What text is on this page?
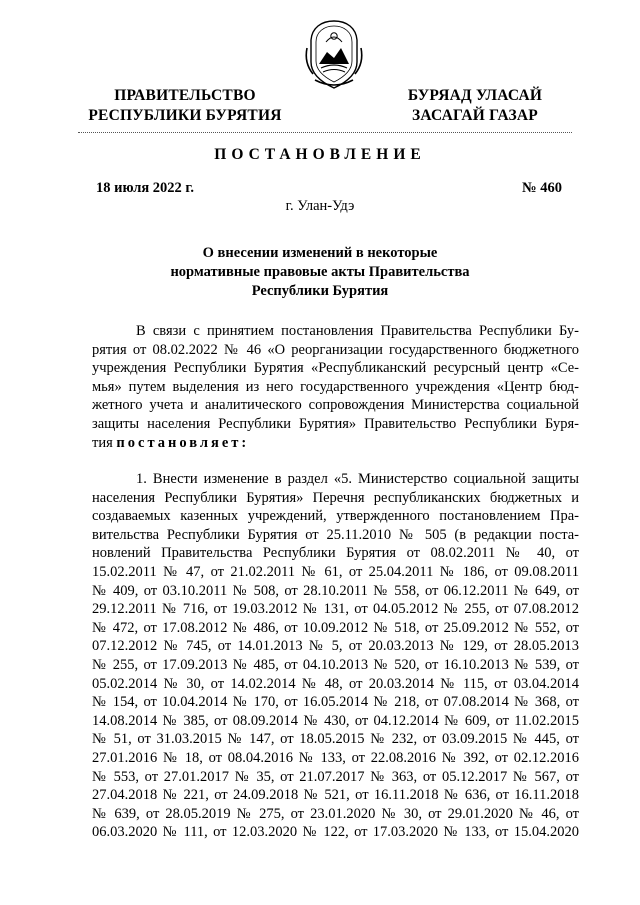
ПРАВИТЕЛЬСТВО
РЕСПУБЛИКИ БУРЯТИЯ
БУРЯАД УЛАСАЙ
ЗАСАГАЙ ГАЗАР
ПОСТАНОВЛЕНИЕ
18 июля 2022 г.	№ 460
г. Улан-Удэ
О внесении изменений в некоторые
нормативные правовые акты Правительства
Республики Бурятия
В связи с принятием постановления Правительства Республики Бу-
рятия от 08.02.2022 № 46 «О реорганизации государственного бюджетного
учреждения Республики Бурятия «Республиканский ресурсный центр «Се-
мья» путем выделения из него государственного учреждения «Центр бюд-
жетного учета и аналитического сопровождения Министерства социальной
защиты населения Республики Бурятия» Правительство Республики Буря-
тия постановляет:
1. Внести изменение в раздел «5. Министерство социальной защиты
населения Республики Бурятия» Перечня республиканских бюджетных и
создаваемых казенных учреждений, утвержденного постановлением Пра-
вительства Республики Бурятия от 25.11.2010 № 505 (в редакции поста-
новлений Правительства Республики Бурятия от 08.02.2011 № 40, от
15.02.2011 № 47, от 21.02.2011 № 61, от 25.04.2011 № 186, от 09.08.2011
№ 409, от 03.10.2011 № 508, от 28.10.2011 № 558, от 06.12.2011 № 649, от
29.12.2011 № 716, от 19.03.2012 № 131, от 04.05.2012 № 255, от 07.08.2012
№ 472, от 17.08.2012 № 486, от 10.09.2012 № 518, от 25.09.2012 № 552, от
07.12.2012 № 745, от 14.01.2013 № 5, от 20.03.2013 № 129, от 28.05.2013
№ 255, от 17.09.2013 № 485, от 04.10.2013 № 520, от 16.10.2013 № 539, от
05.02.2014 № 30, от 14.02.2014 № 48, от 20.03.2014 № 115, от 03.04.2014
№ 154, от 10.04.2014 № 170, от 16.05.2014 № 218, от 07.08.2014 № 368, от
14.08.2014 № 385, от 08.09.2014 № 430, от 04.12.2014 № 609, от 11.02.2015
№ 51, от 31.03.2015 № 147, от 18.05.2015 № 232, от 03.09.2015 № 445, от
27.01.2016 № 18, от 08.04.2016 № 133, от 22.08.2016 № 392, от 02.12.2016
№ 553, от 27.01.2017 № 35, от 21.07.2017 № 363, от 05.12.2017 № 567, от
27.04.2018 № 221, от 24.09.2018 № 521, от 16.11.2018 № 636, от 16.11.2018
№ 639, от 28.05.2019 № 275, от 23.01.2020 № 30, от 29.01.2020 № 46, от
06.03.2020 № 111, от 12.03.2020 № 122, от 17.03.2020 № 133, от 15.04.2020
